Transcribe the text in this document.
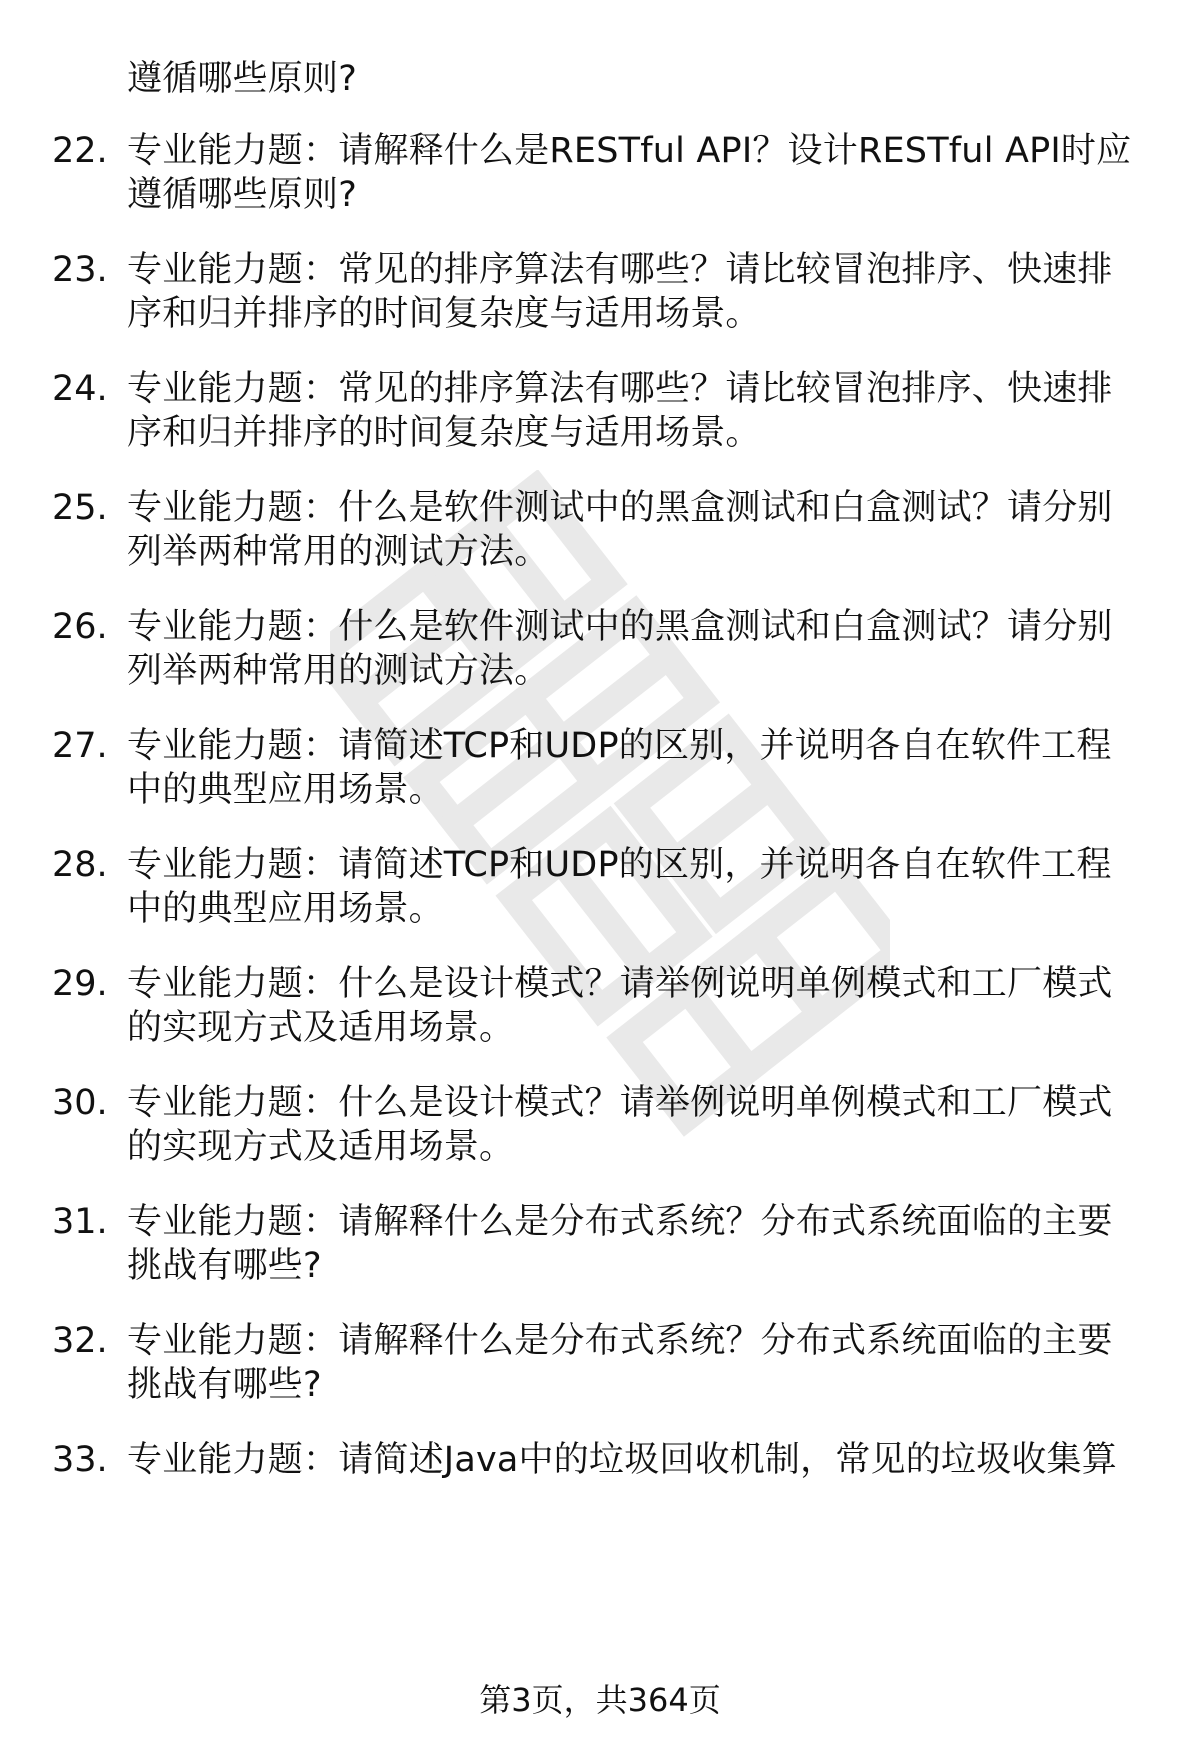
遵循哪些原则?
22. 专业能力题：请解释什么是RESTful API？设计RESTful API时应
遵循哪些原则?
23. 专业能力题：常见的排序算法有哪些？请比较冒泡排序、快速排
序和归并排序的时间复杂度与适用场景。
24. 专业能力题：常见的排序算法有哪些？请比较冒泡排序、快速排
序和归并排序的时间复杂度与适用场景。
25. 专业能力题：什么是软件测试中的黑盒测试和白盒测试？请分别
列举两种常用的测试方法。
26. 专业能力题：什么是软件测试中的黑盒测试和白盒测试？请分别
列举两种常用的测试方法。
27. 专业能力题：请简述TCP和UDP的区别，并说明各自在软件工程
中的典型应用场景。
28. 专业能力题：请简述TCP和UDP的区别，并说明各自在软件工程
中的典型应用场景。
29. 专业能力题：什么是设计模式？请举例说明单例模式和工厂模式
的实现方式及适用场景。
30. 专业能力题：什么是设计模式？请举例说明单例模式和工厂模式
的实现方式及适用场景。
31. 专业能力题：请解释什么是分布式系统？分布式系统面临的主要
挑战有哪些?
32. 专业能力题：请解释什么是分布式系统？分布式系统面临的主要
挑战有哪些?
33. 专业能力题：请简述Java中的垃圾回收机制，常见的垃圾收集算
第3页，共364页
